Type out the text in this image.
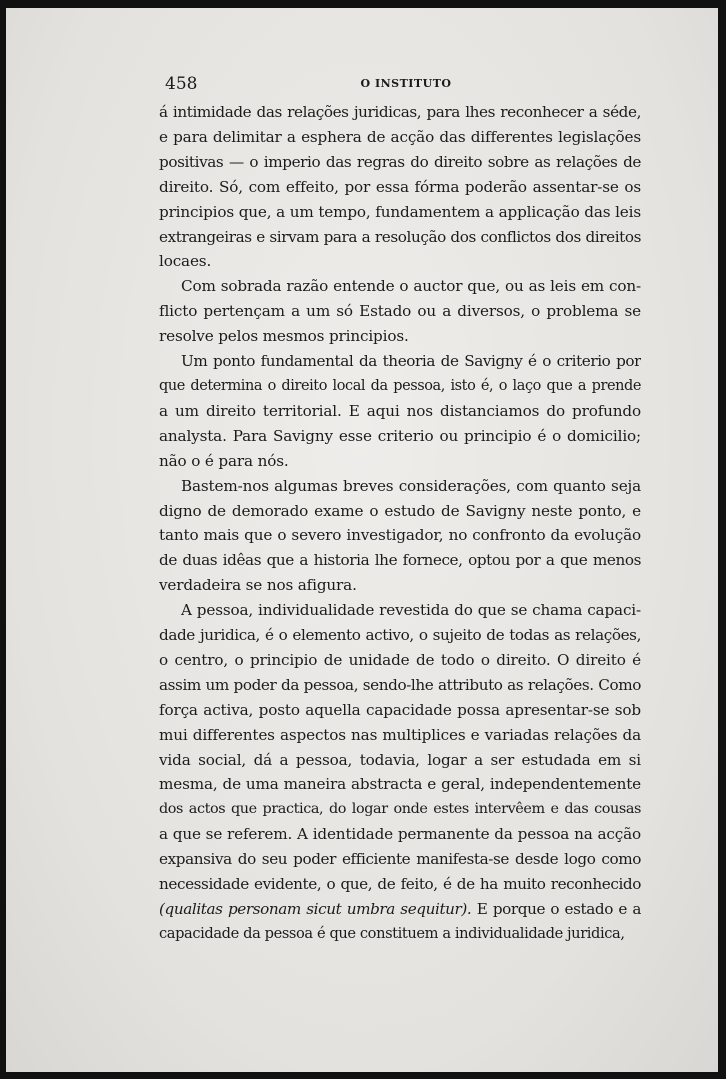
458	O INSTITUTO

á intimidade das relações juridicas, para lhes reconhecer a séde,
e para delimitar a esphera de acção das differentes legislações
positivas — o imperio das regras do direito sobre as relações de
direito. Só, com effeito, por essa fórma poderão assentar-se os
principios que, a um tempo, fundamentem a applicação das leis
extrangeiras e sirvam para a resolução dos conflictos dos direitos
locaes.

Com sobrada razão entende o auctor que, ou as leis em con-
flicto pertençam a um só Estado ou a diversos, o problema se
resolve pelos mesmos principios.

Um ponto fundamental da theoria de Savigny é o criterio por
que determina o direito local da pessoa, isto é, o laço que a prende
a um direito territorial. E aqui nos distanciamos do profundo
analysta. Para Savigny esse criterio ou principio é o domicilio;
não o é para nós.

Bastem-nos algumas breves considerações, com quanto seja
digno de demorado exame o estudo de Savigny neste ponto, e
tanto mais que o severo investigador, no confronto da evolução
de duas idêas que a historia lhe fornece, optou por a que menos
verdadeira se nos afigura.

A pessoa, individualidade revestida do que se chama capaci-
dade juridica, é o elemento activo, o sujeito de todas as relações,
o centro, o principio de unidade de todo o direito. O direito é
assim um poder da pessoa, sendo-lhe attributo as relações. Como
força activa, posto aquella capacidade possa apresentar-se sob
mui differentes aspectos nas multiplices e variadas relações da
vida social, dá a pessoa, todavia, logar a ser estudada em si
mesma, de uma maneira abstracta e geral, independentemente
dos actos que practica, do logar onde estes intervêem e das cousas
a que se referem. A identidade permanente da pessoa na acção
expansiva do seu poder efficiente manifesta-se desde logo como
necessidade evidente, o que, de feito, é de ha muito reconhecido
(qualitas personam sicut umbra sequitur). E porque o estado e a
capacidade da pessoa é que constituem a individualidade juridica,
